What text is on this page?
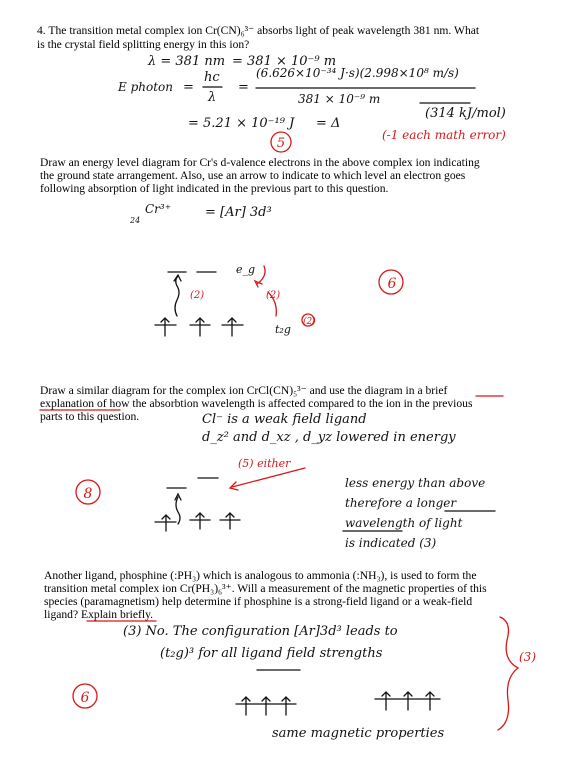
4. The transition metal complex ion Cr(CN)₆³⁻ absorbs light of peak wavelength 381 nm. What
is the crystal field splitting energy in this ion?
λ = 381 nm = 381 × 10⁻⁹ m
E photon =
hc
λ
=
(6.626×10⁻³⁴ J·s)(2.998×10⁸ m/s)
381 × 10⁻⁹ m
= 5.21 × 10⁻¹⁹ J = Δ
(314 kJ/mol)
5
(-1 each math error)
Draw an energy level diagram for Cr's d-valence electrons in the above complex ion indicating
the ground state arrangement. Also, use an arrow to indicate to which level an electron goes
following absorption of light indicated in the previous part to this question.
Cr³⁺
24
= [Ar] 3d³
e_g
t₂g
(2)	(2)
(2)
6
Draw a similar diagram for the complex ion CrCl(CN)₅³⁻ and use the diagram in a brief
explanation of how the absorbtion wavelength is affected compared to the ion in the previous
parts to this question.	Cl⁻ is a weak field ligand
d_z² and d_xz , d_yz lowered in energy
(5) either
less energy than above
therefore a longer
wavelength of light
is indicated (3)
8
Another ligand, phosphine (:PH₃) which is analogous to ammonia (:NH₃), is used to form the
transition metal complex ion Cr(PH₃)₆³⁺. Will a measurement of the magnetic properties of this
species (paramagnetism) help determine if phosphine is a strong-field ligand or a weak-field
ligand? Explain briefly.
(3) No. The configuration [Ar]3d³ leads to
(t₂g)³ for all ligand field strengths
same magnetic properties
(3)
6
